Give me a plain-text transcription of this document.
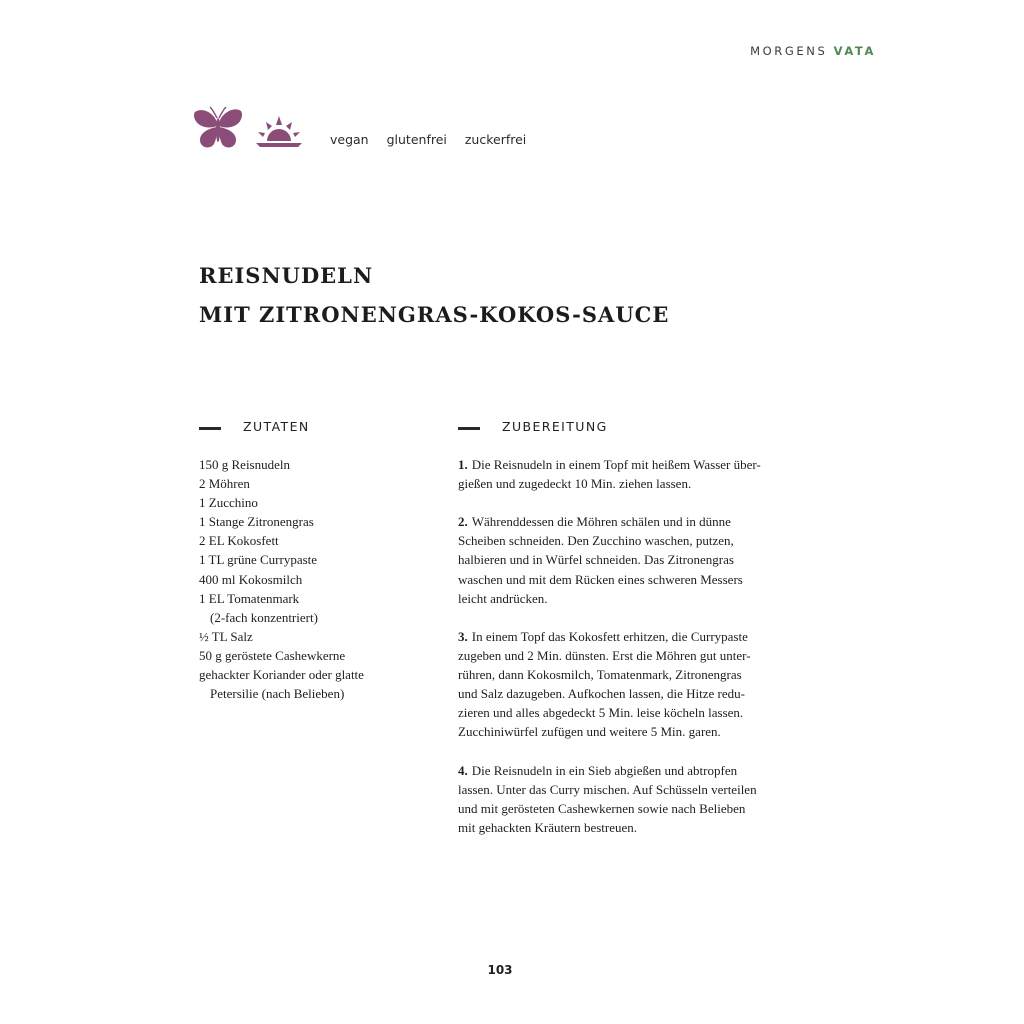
MORGENS VATA
vegan glutenfrei zuckerfrei
REISNUDELN
MIT ZITRONENGRAS-KOKOS-SAUCE
ZUTATEN	ZUBEREITUNG
150 g Reisnudeln
2 Möhren
1 Zucchino
1 Stange Zitronengras
2 EL Kokosfett
1 TL grüne Currypaste
400 ml Kokosmilch
1 EL Tomatenmark
(2-fach konzentriert)
½ TL Salz
50 g geröstete Cashewkerne
gehackter Koriander oder glatte
Petersilie (nach Belieben)

1. Die Reisnudeln in einem Topf mit heißem Wasser über-
gießen und zugedeckt 10 Min. ziehen lassen.

2. Währenddessen die Möhren schälen und in dünne
Scheiben schneiden. Den Zucchino waschen, putzen,
halbieren und in Würfel schneiden. Das Zitronengras
waschen und mit dem Rücken eines schweren Messers
leicht andrücken.

3. In einem Topf das Kokosfett erhitzen, die Currypaste
zugeben und 2 Min. dünsten. Erst die Möhren gut unter-
rühren, dann Kokosmilch, Tomatenmark, Zitronengras
und Salz dazugeben. Aufkochen lassen, die Hitze redu-
zieren und alles abgedeckt 5 Min. leise köcheln lassen.
Zucchiniwürfel zufügen und weitere 5 Min. garen.

4. Die Reisnudeln in ein Sieb abgießen und abtropfen
lassen. Unter das Curry mischen. Auf Schüsseln verteilen
und mit gerösteten Cashewkernen sowie nach Belieben
mit gehackten Kräutern bestreuen.

103
